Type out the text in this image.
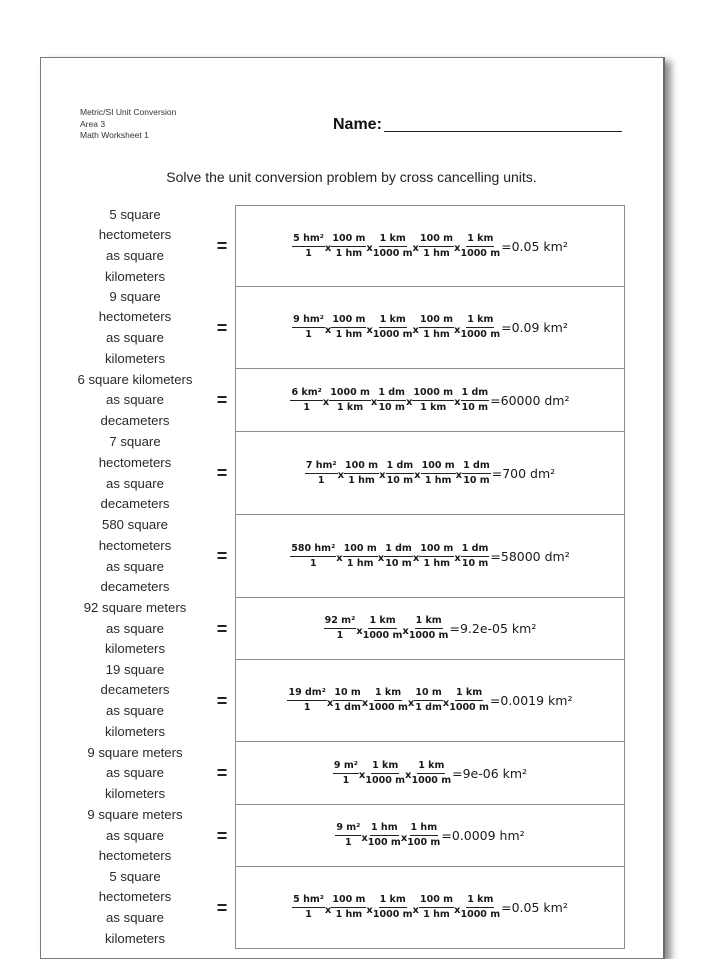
Metric/SI Unit Conversion
Area 3
Math Worksheet 1
Name:
Solve the unit conversion problem by cross cancelling units.
5 square
hectometers
as square
kilometers
=	$\frac{\text{5 hm²}}{1}$ x $\frac{100 m}{1 hm}$ x $\frac{1 km}{1000 m}$ x $\frac{100 m}{1 hm}$ x $\frac{1 km}{1000 m} =0.05$ km²
9 square
hectometers
as square
kilometers
=	$\frac{\text{9 hm²}}{1}$ x $\frac{100 m}{1 hm}$ x $\frac{1 km}{1000 m}$ x $\frac{100 m}{1 hm}$ x $\frac{1 km}{1000 m} =0.09$ km²
6 square kilometers
as square
decameters
=	$\frac{\text{6 km²}}{1}$ x $\frac{1000 m}{1 km}$ x $\frac{1 dm}{10 m}$ x $\frac{1000 m}{1 km}$ x $\frac{1 dm}{10 m} =60000$ dm²
7 square
hectometers
as square
decameters
=	$\frac{\text{7 hm²}}{1}$ x $\frac{100 m}{1 hm}$ x $\frac{1 dm}{10 m}$ x $\frac{100 m}{1 hm}$ x $\frac{1 dm}{10 m} =700$ dm²
580 square
hectometers
as square
decameters
=	$\frac{\text{580 hm²}}{1}$ x $\frac{100 m}{1 hm}$ x $\frac{1 dm}{10 m}$ x $\frac{100 m}{1 hm}$ x $\frac{1 dm}{10 m} =58000$ dm²
92 square meters
as square
kilometers
=	$\frac{\text{92 m²}}{1}$ x $\frac{1 km}{1000 m}$ x $\frac{1 km}{1000 m} =9.2e-05$ km²
19 square
decameters
as square
kilometers
=	$\frac{\text{19 dm²}}{1}$ x $\frac{10 m}{1 dm}$ x $\frac{1 km}{1000 m}$ x $\frac{10 m}{1 dm}$ x $\frac{1 km}{1000 m} =0.0019$ km²
9 square meters
as square
kilometers
=	$\frac{\text{9 m²}}{1}$ x $\frac{1 km}{1000 m}$ x $\frac{1 km}{1000 m} =9e-06$ km²
9 square meters
as square
hectometers
=	$\frac{\text{9 m²}}{1}$ x $\frac{1 hm}{100 m}$ x $\frac{1 hm}{100 m} =0.0009$ hm²
5 square
hectometers
as square
kilometers
=	$\frac{\text{5 hm²}}{1}$ x $\frac{100 m}{1 hm}$ x $\frac{1 km}{1000 m}$ x $\frac{100 m}{1 hm}$ x $\frac{1 km}{1000 m} =0.05$ km²
